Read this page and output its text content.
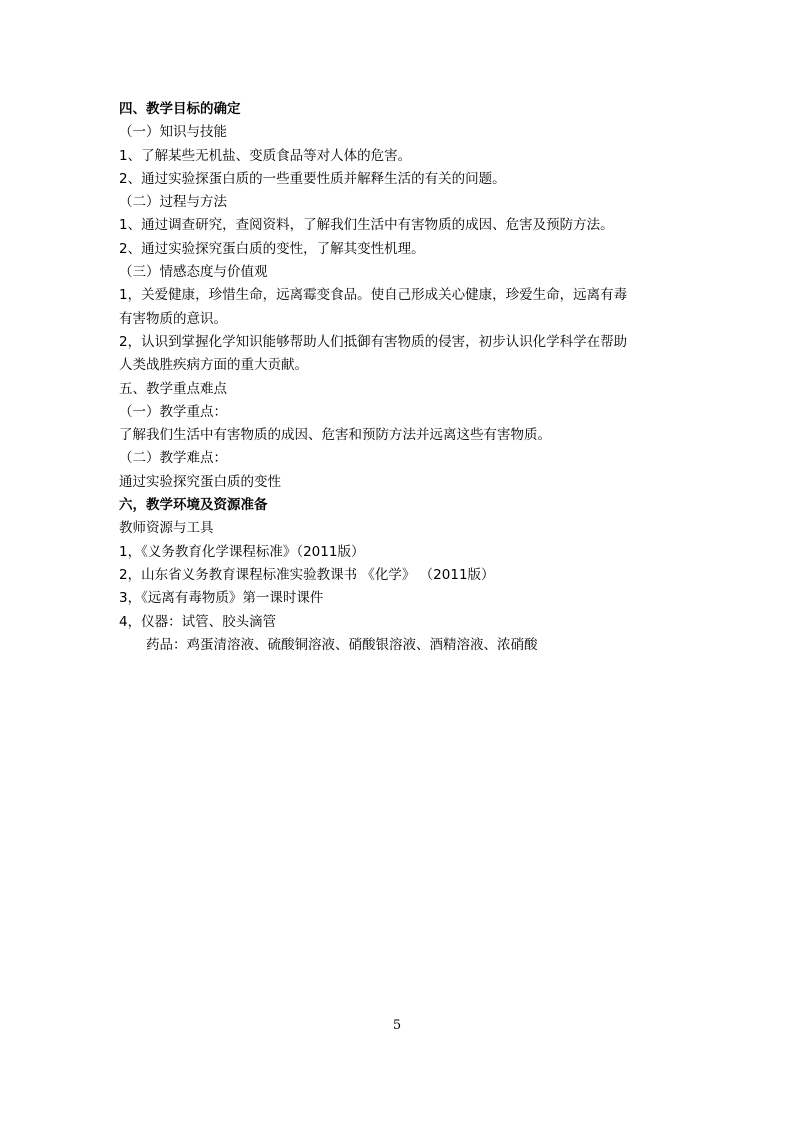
四、教学目标的确定
（一）知识与技能
1、了解某些无机盐、变质食品等对人体的危害。
2、通过实验探蛋白质的一些重要性质并解释生活的有关的问题。
（二）过程与方法
1、通过调查研究，查阅资料，了解我们生活中有害物质的成因、危害及预防方法。
2、通过实验探究蛋白质的变性，了解其变性机理。
（三）情感态度与价值观
1，关爱健康，珍惜生命，远离霉变食品。使自己形成关心健康，珍爱生命，远离有毒
有害物质的意识。
2，认识到掌握化学知识能够帮助人们抵御有害物质的侵害，初步认识化学科学在帮助
人类战胜疾病方面的重大贡献。
五、教学重点难点
（一）教学重点：
了解我们生活中有害物质的成因、危害和预防方法并远离这些有害物质。
（二）教学难点：
通过实验探究蛋白质的变性
六，教学环境及资源准备
教师资源与工具
1，《义务教育化学课程标准》（2011版）
2，山东省义务教育课程标准实验教课书 《化学》 （2011版）
3，《远离有毒物质》第一课时课件
4，仪器：试管、胶头滴管
药品：鸡蛋清溶液、硫酸铜溶液、硝酸银溶液、酒精溶液、浓硝酸
5
